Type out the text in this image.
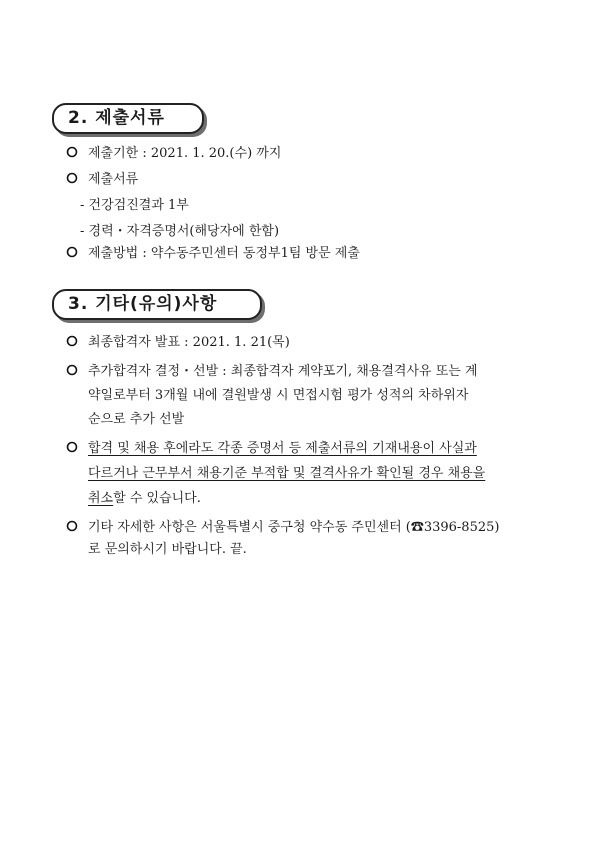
2. 제출서류
제출기한 : 2021. 1. 20.(수) 까지
제출서류
- 건강검진결과 1부
- 경력・자격증명서(해당자에 한함)
제출방법 : 약수동주민센터 동정부1팀 방문 제출
3. 기타(유의)사항
최종합격자 발표 : 2021. 1. 21(목)
추가합격자 결정・선발 : 최종합격자 계약포기, 채용결격사유 또는 계
약일로부터 3개월 내에 결원발생 시 면접시험 평가 성적의 차하위자
순으로 추가 선발
합격 및 채용 후에라도 각종 증명서 등 제출서류의 기재내용이 사실과
다르거나 근무부서 채용기준 부적합 및 결격사유가 확인될 경우 채용을
취소할 수 있습니다.
기타 자세한 사항은 서울특별시 중구청 약수동 주민센터 (☎3396-8525)
로 문의하시기 바랍니다. 끝.
